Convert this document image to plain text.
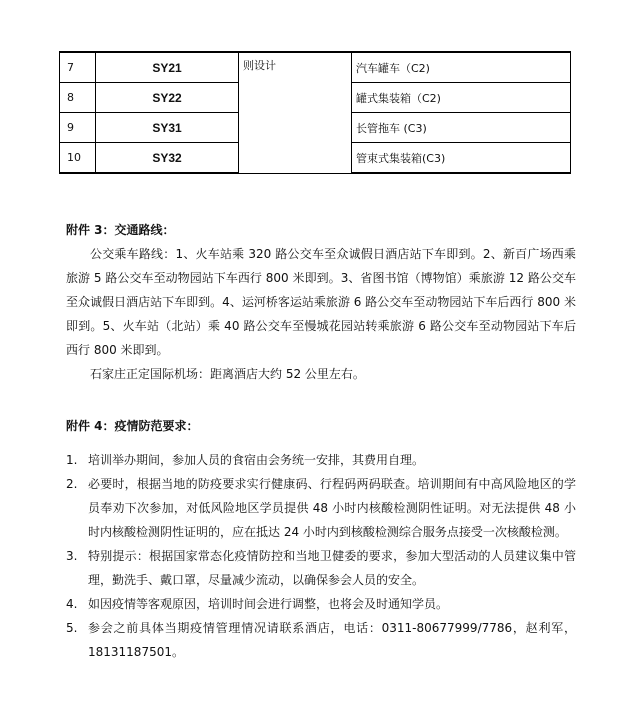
7	SY21	则设计	汽车罐车（C2)
8	SY22		罐式集装箱（C2)
9	SY31		长管拖车 (C3)
10	SY32		管束式集装箱(C3)
附件 3：交通路线：
公交乘车路线：1、火车站乘 320 路公交车至众诚假日酒店站下车即到。2、新百广场西乘旅游 5 路公交车至动物园站下车西行 800 米即到。3、省图书馆（博物馆）乘旅游 12 路公交车至众诚假日酒店站下车即到。4、运河桥客运站乘旅游 6 路公交车至动物园站下车后西行 800 米即到。5、火车站（北站）乘 40 路公交车至慢城花园站转乘旅游 6 路公交车至动物园站下车后西行 800 米即到。
石家庄正定国际机场：距离酒店大约 52 公里左右。
附件 4：疫情防范要求：
1. 培训举办期间，参加人员的食宿由会务统一安排，其费用自理。
2. 必要时，根据当地的防疫要求实行健康码、行程码两码联查。培训期间有中高风险地区的学员奉劝下次参加，对低风险地区学员提供 48 小时内核酸检测阴性证明。对无法提供 48 小时内核酸检测阴性证明的，应在抵达 24 小时内到核酸检测综合服务点接受一次核酸检测。
3. 特别提示：根据国家常态化疫情防控和当地卫健委的要求，参加大型活动的人员建议集中管理，勤洗手、戴口罩，尽量减少流动，以确保参会人员的安全。
4. 如因疫情等客观原因，培训时间会进行调整，也将会及时通知学员。
5. 参会之前具体当期疫情管理情况请联系酒店，电话：0311-80677999/7786，赵利军，18131187501。
